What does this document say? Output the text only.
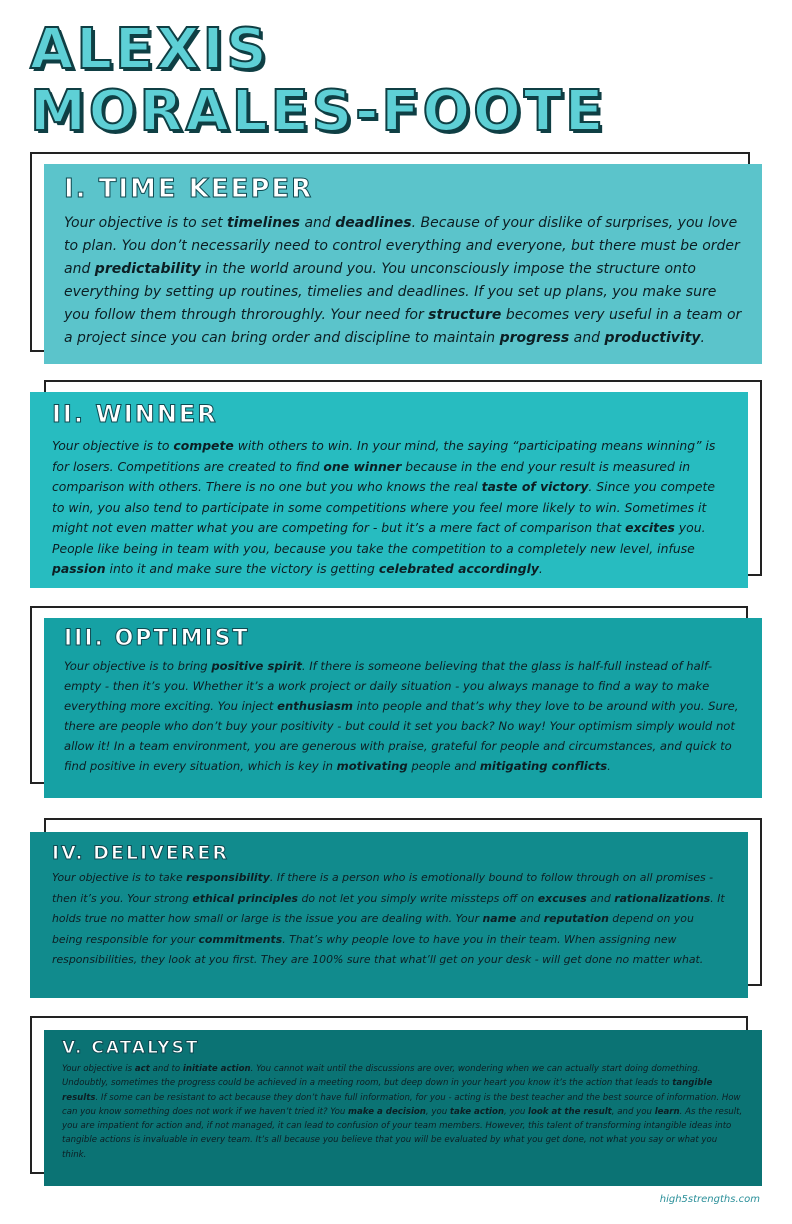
ALEXIS
MORALES-FOOTE
I. TIME KEEPER

Your objective is to set timelines and deadlines. Because of your dislike of surprises, you love to plan. You don’t necessarily need to control everything and everyone, but there must be order and predictability in the world around you. You unconsciously impose the structure onto everything by setting up routines, timelies and deadlines. If you set up plans, you make sure you follow them through throroughly. Your need for structure becomes very useful in a team or a project since you can bring order and discipline to maintain progress and productivity.

II. WINNER

Your objective is to compete with others to win. In your mind, the saying “participating means winning” is for losers. Competitions are created to find one winner because in the end your result is measured in comparison with others. There is no one but you who knows the real taste of victory. Since you compete to win, you also tend to participate in some competitions where you feel more likely to win. Sometimes it might not even matter what you are competing for - but it’s a mere fact of comparison that excites you. People like being in team with you, because you take the competition to a completely new level, infuse passion into it and make sure the victory is getting celebrated accordingly.

III. OPTIMIST

Your objective is to bring positive spirit. If there is someone believing that the glass is half-full instead of half-empty - then it’s you. Whether it’s a work project or daily situation - you always manage to find a way to make everything more exciting. You inject enthusiasm into people and that’s why they love to be around with you. Sure, there are people who don’t buy your positivity - but could it set you back? No way! Your optimism simply would not allow it! In a team environment, you are generous with praise, grateful for people and circumstances, and quick to find positive in every situation, which is key in motivating people and mitigating conflicts.

IV. DELIVERER

Your objective is to take responsibility. If there is a person who is emotionally bound to follow through on all promises - then it’s you. Your strong ethical principles do not let you simply write missteps off on excuses and rationalizations. It holds true no matter how small or large is the issue you are dealing with. Your name and reputation depend on you being responsible for your commitments. That’s why people love to have you in their team. When assigning new responsibilities, they look at you first. They are 100% sure that what’ll get on your desk - will get done no matter what.

V. CATALYST

Your objective is act and to initiate action. You cannot wait until the discussions are over, wondering when we can actually start doing domething. Undoubtly, sometimes the progress could be achieved in a meeting room, but deep down in your heart you know it’s the action that leads to tangible results. If some can be resistant to act because they don’t have full information, for you - acting is the best teacher and the best source of information. How can you know something does not work if we haven’t tried it? You make a decision, you take action, you look at the result, and you learn. As the result, you are impatient for action and, if not managed, it can lead to confusion of your team members. However, this talent of transforming intangible ideas into tangible actions is invaluable in every team. It’s all because you believe that you will be evaluated by what you get done, not what you say or what you think.

high5strengths.com
